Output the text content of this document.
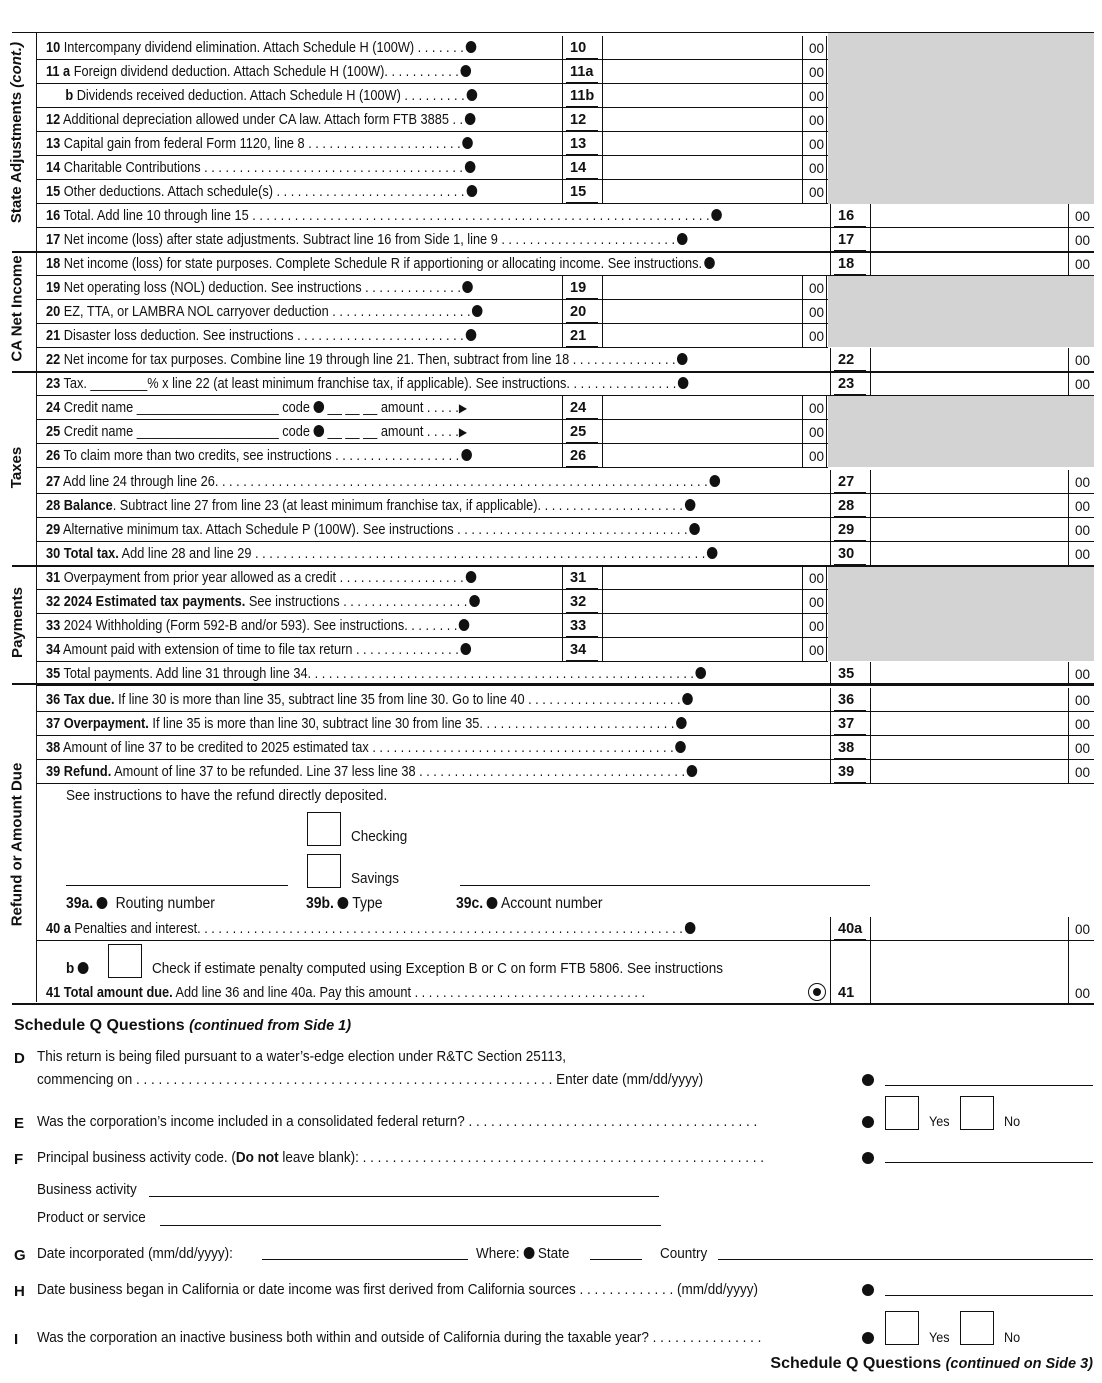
State Adjustments (cont.)
CA Net Income
Taxes
Payments
Refund or Amount Due
10 Intercompany dividend elimination. Attach Schedule H (100W) . . . . . . .	10	00
11 a Foreign dividend deduction. Attach Schedule H (100W). . . . . . . . . . .	11a	00
b Dividends received deduction. Attach Schedule H (100W) . . . . . . . . .	11b	00
12 Additional depreciation allowed under CA law. Attach form FTB 3885 . .	12	00
13 Capital gain from federal Form 1120, line 8 . . . . . . . . . . . . . . . . . . . . . .	13	00
14 Charitable Contributions . . . . . . . . . . . . . . . . . . . . . . . . . . . . . . . . . . . . .	14	00
15 Other deductions. Attach schedule(s) . . . . . . . . . . . . . . . . . . . . . . . . . . .	15	00
16 Total. Add line 10 through line 15 . . . . . . . . . . . . . . . . . . . . . . . . . . . . . . . . . . . . . . . . . . . . . . . . . . . . . . . . . . . . . . . . .	16	00
17 Net income (loss) after state adjustments. Subtract line 16 from Side 1, line 9 . . . . . . . . . . . . . . . . . . . . . . . . .	17	00
18 Net income (loss) for state purposes. Complete Schedule R if apportioning or allocating income. See instructions.	18	00
19 Net operating loss (NOL) deduction. See instructions . . . . . . . . . . . . . .	19	00
20 EZ, TTA, or LAMBRA NOL carryover deduction . . . . . . . . . . . . . . . . . . . .	20	00
21 Disaster loss deduction. See instructions . . . . . . . . . . . . . . . . . . . . . . . .	21	00
22 Net income for tax purposes. Combine line 19 through line 21. Then, subtract from line 18 . . . . . . . . . . . . . . .	22	00
23 Tax. ________% x line 22 (at least minimum franchise tax, if applicable). See instructions. . . . . . . . . . . . . . . .	23	00
24 Credit name ____________________ code __ __ __ amount . . . . .▶	24	00
25 Credit name ____________________ code __ __ __ amount . . . . .▶	25	00
26 To claim more than two credits, see instructions . . . . . . . . . . . . . . . . . .	26	00
27 Add line 24 through line 26. . . . . . . . . . . . . . . . . . . . . . . . . . . . . . . . . . . . . . . . . . . . . . . . . . . . . . . . . . . . . . . . . . . . . .	27	00
28 Balance. Subtract line 27 from line 23 (at least minimum franchise tax, if applicable). . . . . . . . . . . . . . . . . . . . .	28	00
29 Alternative minimum tax. Attach Schedule P (100W). See instructions . . . . . . . . . . . . . . . . . . . . . . . . . . . . . . . . .	29	00
30 Total tax. Add line 28 and line 29 . . . . . . . . . . . . . . . . . . . . . . . . . . . . . . . . . . . . . . . . . . . . . . . . . . . . . . . . . . . . . . . .	30	00
31 Overpayment from prior year allowed as a credit . . . . . . . . . . . . . . . . . .	31	00
32 2024 Estimated tax payments. See instructions . . . . . . . . . . . . . . . . . .	32	00
33 2024 Withholding (Form 592-B and/or 593). See instructions. . . . . . . .	33	00
34 Amount paid with extension of time to file tax return . . . . . . . . . . . . . . .	34	00
35 Total payments. Add line 31 through line 34. . . . . . . . . . . . . . . . . . . . . . . . . . . . . . . . . . . . . . . . . . . . . . . . . . . . . . .	35	00
36 Tax due. If line 30 is more than line 35, subtract line 35 from line 30. Go to line 40 . . . . . . . . . . . . . . . . . . . . . .	36	00
37 Overpayment. If line 35 is more than line 30, subtract line 30 from line 35. . . . . . . . . . . . . . . . . . . . . . . . . . . .	37	00
38 Amount of line 37 to be credited to 2025 estimated tax . . . . . . . . . . . . . . . . . . . . . . . . . . . . . . . . . . . . . . . . . . .	38	00
39 Refund. Amount of line 37 to be refunded. Line 37 less line 38 . . . . . . . . . . . . . . . . . . . . . . . . . . . . . . . . . . . . . .	39	00
40 a Penalties and interest. . . . . . . . . . . . . . . . . . . . . . . . . . . . . . . . . . . . . . . . . . . . . . . . . . . . . . . . . . . . . . . . . . . . .	40a	00
41 Total amount due. Add line 36 and line 40a. Pay this amount . . . . . . . . . . . . . . . . . . . . . . . . . . . . . . . . .	41	00
See instructions to have the refund directly deposited.
Checking
Savings
39a. Routing number	39b. Type	39c. Account number
b	Check if estimate penalty computed using Exception B or C on form FTB 5806. See instructions
Schedule Q Questions (continued from Side 1)
D This return is being filed pursuant to a water’s-edge election under R&TC Section 25113,
commencing on . . . . . . . . . . . . . . . . . . . . . . . . . . . . . . . . . . . . . . . . . . . . . . . . . . . . . . . . Enter date (mm/dd/yyyy)
E Was the corporation’s income included in a consolidated federal return? . . . . . . . . . . . . . . . . . . . . . . . . . . . . . . . . . . . . . . .	Yes	No
F Principal business activity code. (Do not leave blank): . . . . . . . . . . . . . . . . . . . . . . . . . . . . . . . . . . . . . . . . . . . . . . . . . . . . . .
Business activity
Product or service
G Date incorporated (mm/dd/yyyy):	Where: State	Country
H Date business began in California or date income was first derived from California sources . . . . . . . . . . . . . (mm/dd/yyyy)
I Was the corporation an inactive business both within and outside of California during the taxable year? . . . . . . . . . . . . . . .	Yes	No
Schedule Q Questions (continued on Side 3)
